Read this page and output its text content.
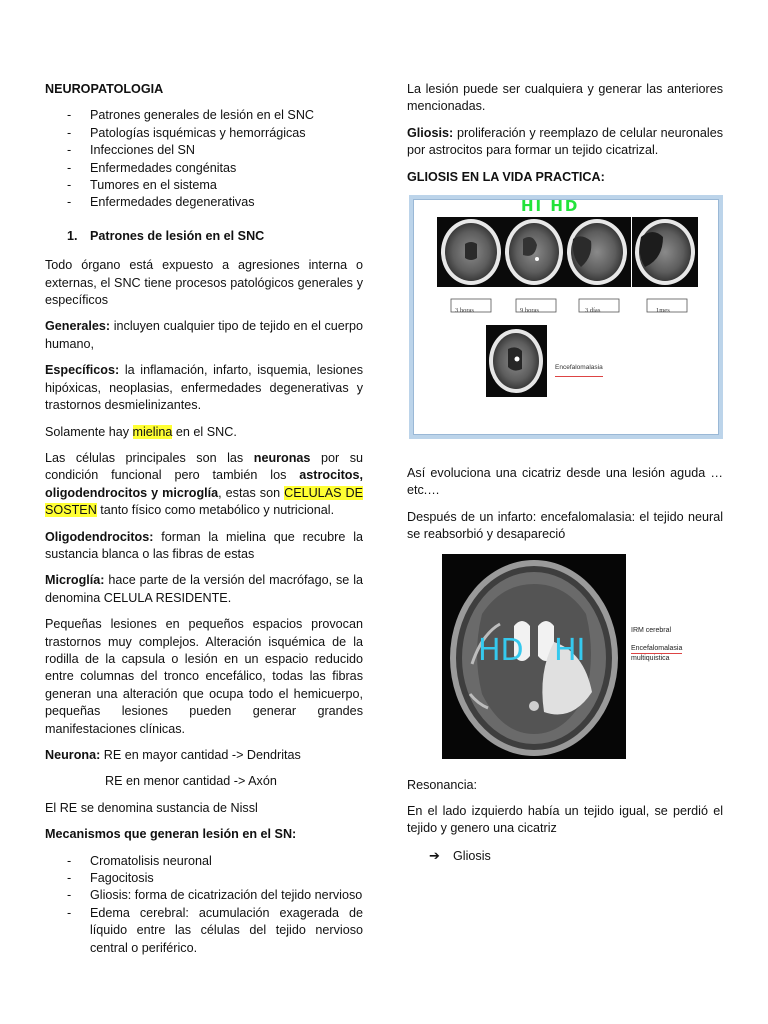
NEUROPATOLOGIA
- Patrones generales de lesión en el SNC
- Patologías isquémicas y hemorrágicas
- Infecciones del SN
- Enfermedades congénitas
- Tumores en el sistema
- Enfermedades degenerativas
1. Patrones de lesión en el SNC

Todo órgano está expuesto a agresiones interna o externas, el SNC tiene procesos patológicos generales y específicos

Generales: incluyen cualquier tipo de tejido en el cuerpo humano,

Específicos: la inflamación, infarto, isquemia, lesiones hipóxicas, neoplasias, enfermedades degenerativas y trastornos desmielinizantes.

Solamente hay mielina en el SNC.

Las células principales son las neuronas por su condición funcional pero también los astrocitos, oligodendrocitos y microglía, estas son CELULAS DE SOSTEN tanto físico como metabólico y nutricional.

Oligodendrocitos: forman la mielina que recubre la sustancia blanca o las fibras de estas

Microglía: hace parte de la versión del macrófago, se la denomina CELULA RESIDENTE.

Pequeñas lesiones en pequeños espacios provocan trastornos muy complejos. Alteración isquémica de la rodilla de la capsula o lesión en un espacio reducido entre columnas del tronco encefálico, todas las fibras generan una alteración que ocupa todo el hemicuerpo, pequeñas lesiones pueden generar grandes manifestaciones clínicas.

Neurona: RE en mayor cantidad -> Dendritas

RE en menor cantidad -> Axón

El RE se denomina sustancia de Nissl

Mecanismos que generan lesión en el SN:

- Cromatolisis neuronal
- Fagocitosis
- Gliosis: forma de cicatrización del tejido nervioso
- Edema cerebral: acumulación exagerada de líquido entre las células del tejido nervioso central o periférico.

La lesión puede ser cualquiera y generar las anteriores mencionadas.

Gliosis: proliferación y reemplazo de celular neuronales por astrocitos para formar un tejido cicatrizal.

GLIOSIS EN LA VIDA PRACTICA:

HI HD
3 horas	9 horas	3 días	1mes
Encefalomalasia

Así evoluciona una cicatriz desde una lesión aguda … etc.…

Después de un infarto: encefalomalasia: el tejido neural se reabsorbió y desapareció

HD HI
IRM cerebral
Encefalomalasia
multiquistica

Resonancia:

En el lado izquierdo había un tejido igual, se perdió el tejido y genero una cicatriz

➔ Gliosis
